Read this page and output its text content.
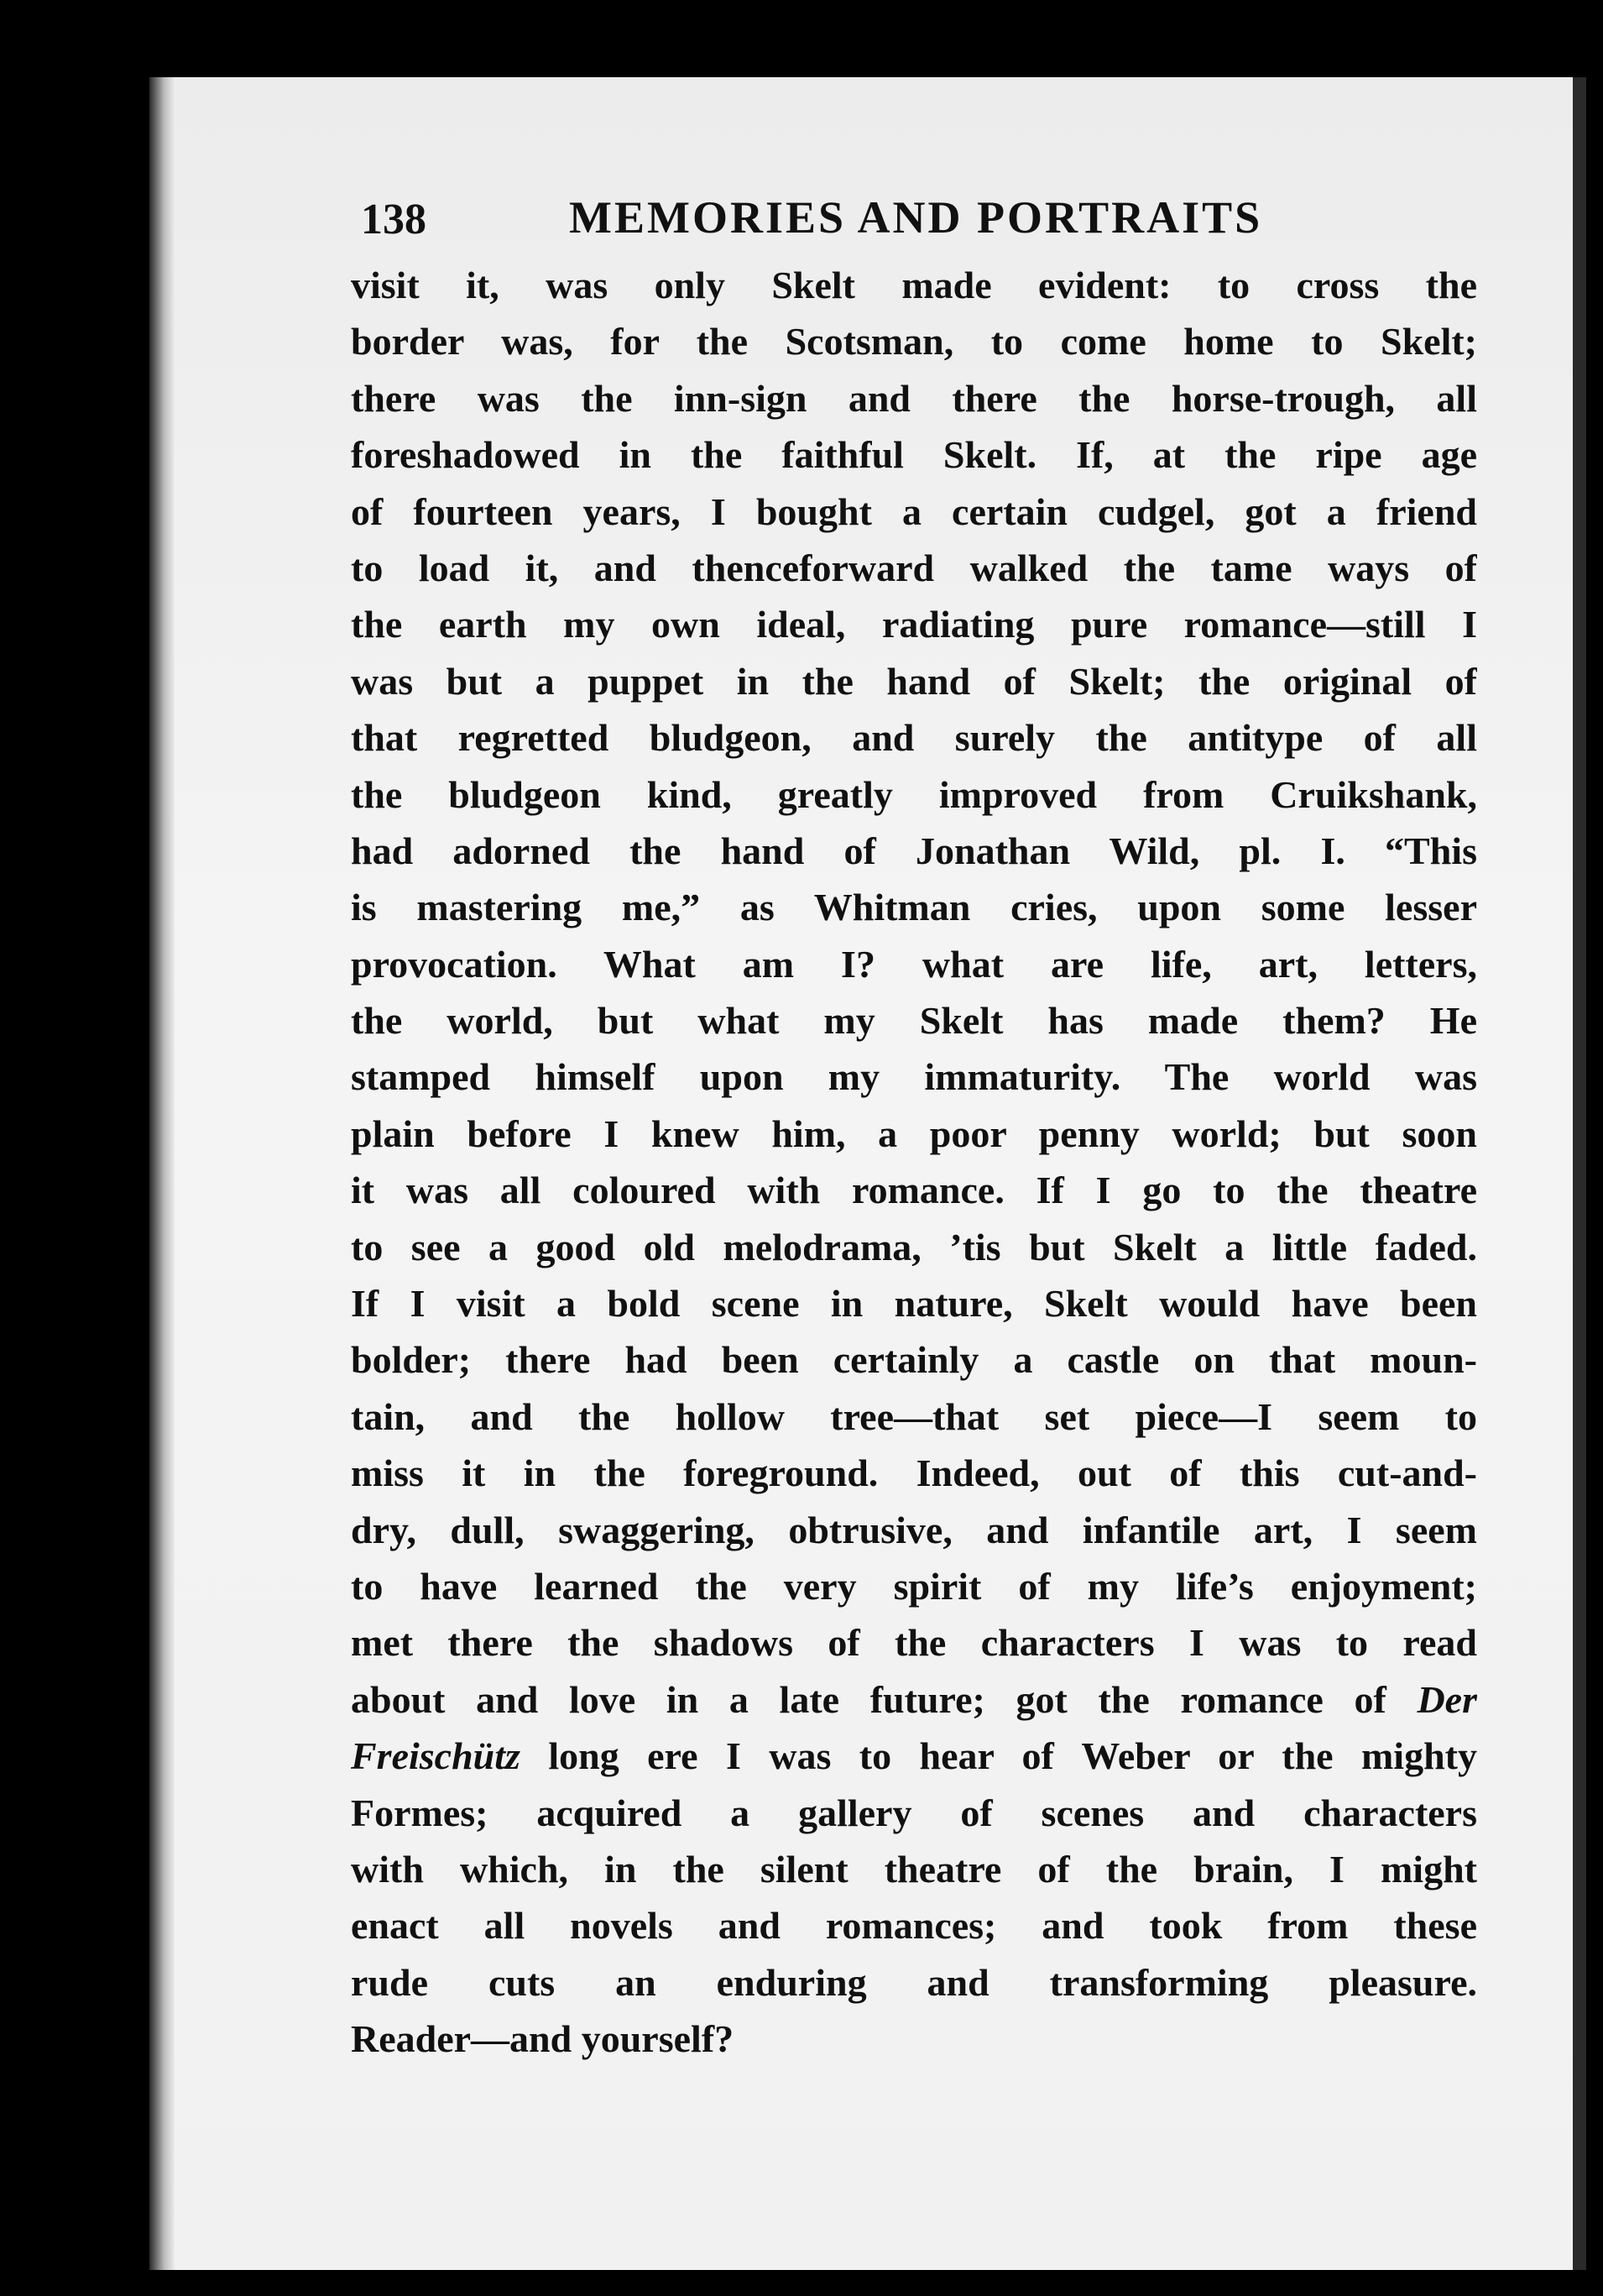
138	MEMORIES AND PORTRAITS
visit it, was only Skelt made evident: to cross the
border was, for the Scotsman, to come home to Skelt;
there was the inn-sign and there the horse-trough, all
foreshadowed in the faithful Skelt. If, at the ripe age
of fourteen years, I bought a certain cudgel, got a friend
to load it, and thenceforward walked the tame ways of
the earth my own ideal, radiating pure romance—still I
was but a puppet in the hand of Skelt; the original of
that regretted bludgeon, and surely the antitype of all
the bludgeon kind, greatly improved from Cruikshank,
had adorned the hand of Jonathan Wild, pl. I. “This
is mastering me,” as Whitman cries, upon some lesser
provocation. What am I? what are life, art, letters,
the world, but what my Skelt has made them? He
stamped himself upon my immaturity. The world was
plain before I knew him, a poor penny world; but soon
it was all coloured with romance. If I go to the theatre
to see a good old melodrama, ’tis but Skelt a little faded.
If I visit a bold scene in nature, Skelt would have been
bolder; there had been certainly a castle on that moun-
tain, and the hollow tree—that set piece—I seem to
miss it in the foreground. Indeed, out of this cut-and-
dry, dull, swaggering, obtrusive, and infantile art, I seem
to have learned the very spirit of my life’s enjoyment;
met there the shadows of the characters I was to read
about and love in a late future; got the romance of Der
Freischütz long ere I was to hear of Weber or the mighty
Formes; acquired a gallery of scenes and characters
with which, in the silent theatre of the brain, I might
enact all novels and romances; and took from these
rude cuts an enduring and transforming pleasure.
Reader—and yourself?
